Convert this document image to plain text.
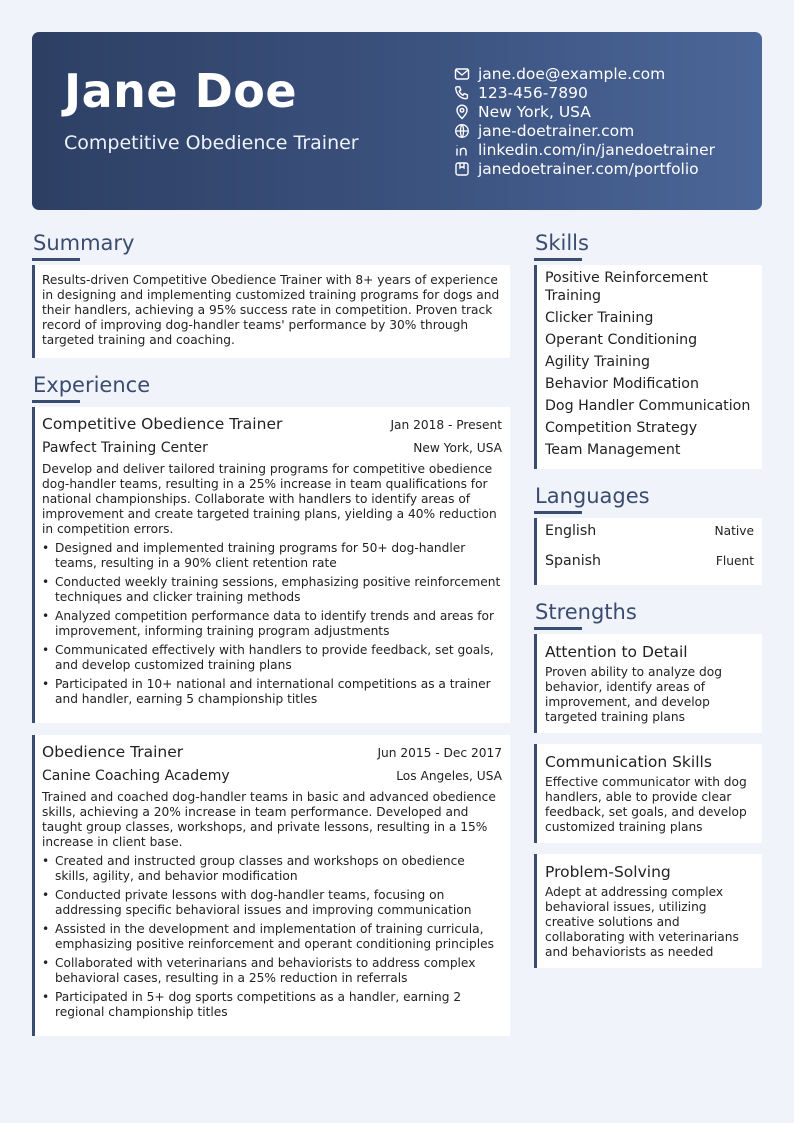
Jane Doe
Competitive Obedience Trainer
jane.doe@example.com
123-456-7890
New York, USA
jane-doetrainer.com
linkedin.com/in/janedoetrainer
janedoetrainer.com/portfolio
Summary
Results-driven Competitive Obedience Trainer with 8+ years of experience in designing and implementing customized training programs for dogs and their handlers, achieving a 95% success rate in competition. Proven track record of improving dog-handler teams' performance by 30% through targeted training and coaching.
Experience
Competitive Obedience Trainer	Jan 2018 - Present
Pawfect Training Center	New York, USA
Develop and deliver tailored training programs for competitive obedience dog-handler teams, resulting in a 25% increase in team qualifications for national championships. Collaborate with handlers to identify areas of improvement and create targeted training plans, yielding a 40% reduction in competition errors.
• Designed and implemented training programs for 50+ dog-handler teams, resulting in a 90% client retention rate
• Conducted weekly training sessions, emphasizing positive reinforcement techniques and clicker training methods
• Analyzed competition performance data to identify trends and areas for improvement, informing training program adjustments
• Communicated effectively with handlers to provide feedback, set goals, and develop customized training plans
• Participated in 10+ national and international competitions as a trainer and handler, earning 5 championship titles
Obedience Trainer	Jun 2015 - Dec 2017
Canine Coaching Academy	Los Angeles, USA
Trained and coached dog-handler teams in basic and advanced obedience skills, achieving a 20% increase in team performance. Developed and taught group classes, workshops, and private lessons, resulting in a 15% increase in client base.
• Created and instructed group classes and workshops on obedience skills, agility, and behavior modification
• Conducted private lessons with dog-handler teams, focusing on addressing specific behavioral issues and improving communication
• Assisted in the development and implementation of training curricula, emphasizing positive reinforcement and operant conditioning principles
• Collaborated with veterinarians and behaviorists to address complex behavioral cases, resulting in a 25% reduction in referrals
• Participated in 5+ dog sports competitions as a handler, earning 2 regional championship titles
Skills
Positive Reinforcement Training
Clicker Training
Operant Conditioning
Agility Training
Behavior Modification
Dog Handler Communication
Competition Strategy
Team Management
Languages
English	Native
Spanish	Fluent
Strengths
Attention to Detail
Proven ability to analyze dog behavior, identify areas of improvement, and develop targeted training plans
Communication Skills
Effective communicator with dog handlers, able to provide clear feedback, set goals, and develop customized training plans
Problem-Solving
Adept at addressing complex behavioral issues, utilizing creative solutions and collaborating with veterinarians and behaviorists as needed
